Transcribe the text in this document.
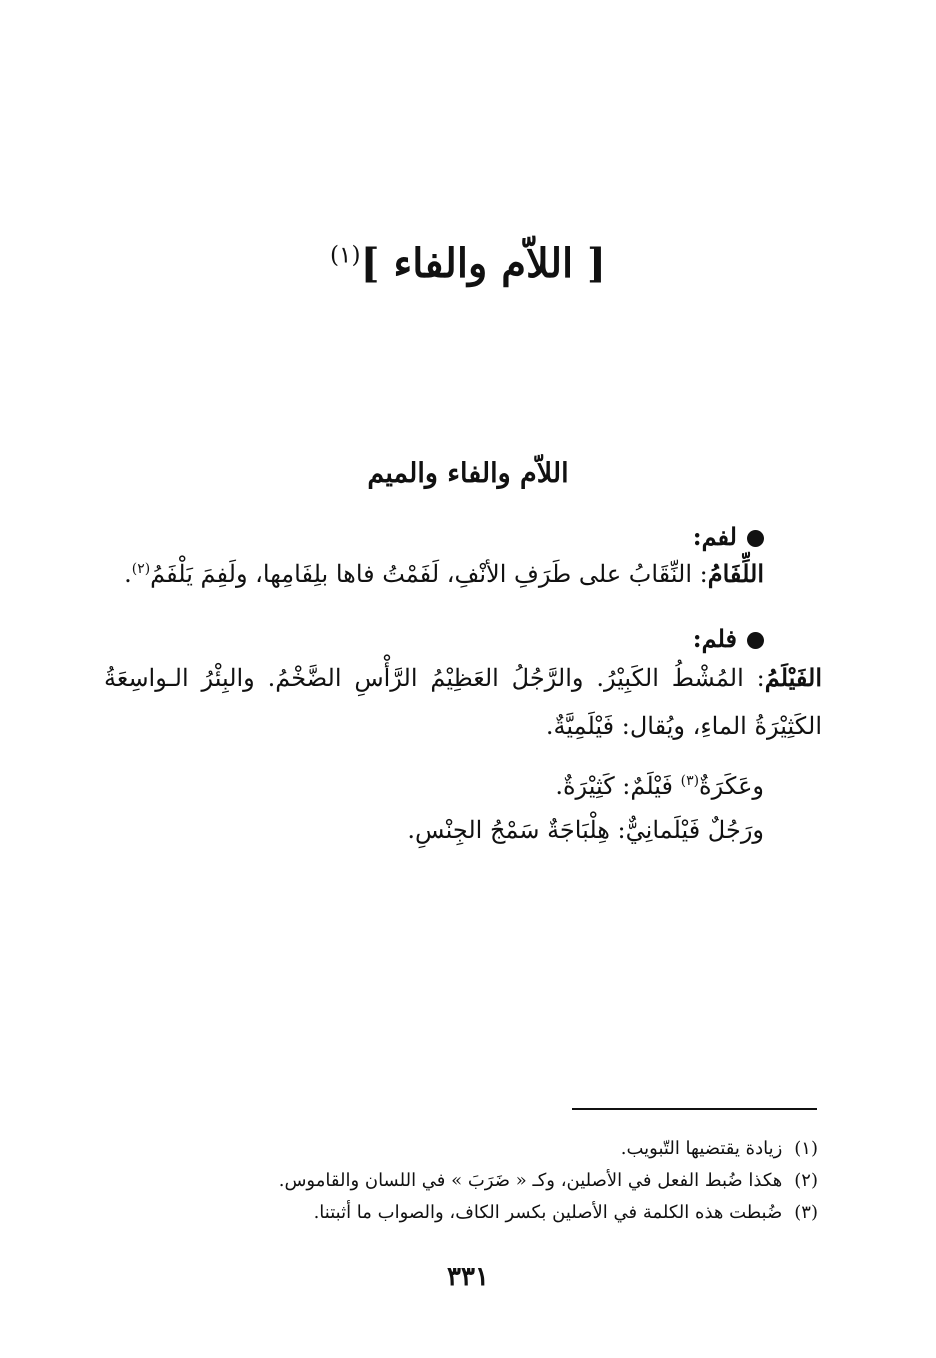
[ اللاّم والفاء ]$^{(١)}$
اللاّم والفاء والميم
لفم:
اللِّفَامُ: النِّقَابُ على طَرَفِ الأنْفِ، لَفَمْتُ فاها بلِفَامِها، ولَفِمَ يَلْفَمُ$^{(٢)}$.
فلم:
الفَيْلَمُ: المُشْطُ الكَبِيْرُ. والرَّجُلُ العَظِيْمُ الرَّأْسِ الضَّخْمُ. والبِئْرُ الـواسِعَةُ
الكَثِيْرَةُ الماءِ، ويُقال: فَيْلَمِيَّةٌ.
وعَكَرَةٌ$^{(٣)}$ فَيْلَمٌ: كَثِيْرَةٌ.
ورَجُلٌ فَيْلَمانِيٌّ: هِلْبَاجَةٌ سَمْجُ الجِنْسِ.
(١)زيادة يقتضيها التّبويب.
(٢)هكذا ضُبط الفعل في الأصلين، وكـ « ضَرَبَ » في اللسان والقاموس.
(٣)ضُبطت هذه الكلمة في الأصلين بكسر الكاف، والصواب ما أثبتنا.
٣٣١
